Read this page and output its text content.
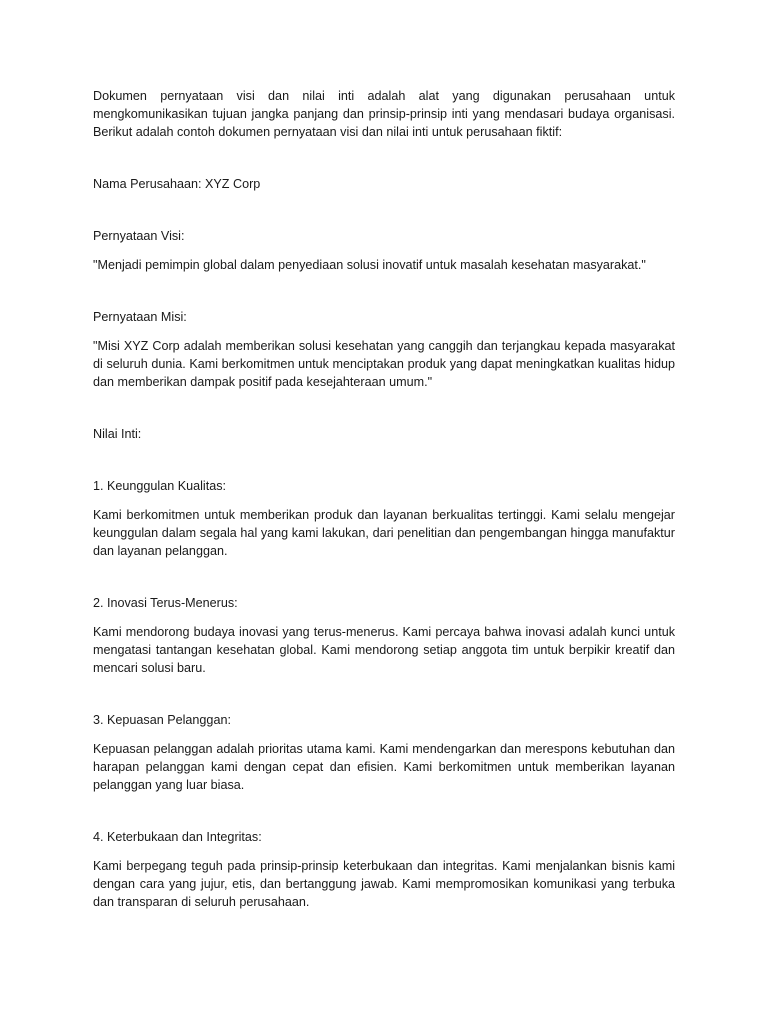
Dokumen pernyataan visi dan nilai inti adalah alat yang digunakan perusahaan untuk mengkomunikasikan tujuan jangka panjang dan prinsip-prinsip inti yang mendasari budaya organisasi. Berikut adalah contoh dokumen pernyataan visi dan nilai inti untuk perusahaan fiktif:

Nama Perusahaan: XYZ Corp

Pernyataan Visi:

"Menjadi pemimpin global dalam penyediaan solusi inovatif untuk masalah kesehatan masyarakat."

Pernyataan Misi:

"Misi XYZ Corp adalah memberikan solusi kesehatan yang canggih dan terjangkau kepada masyarakat di seluruh dunia. Kami berkomitmen untuk menciptakan produk yang dapat meningkatkan kualitas hidup dan memberikan dampak positif pada kesejahteraan umum."

Nilai Inti:

1. Keunggulan Kualitas:

Kami berkomitmen untuk memberikan produk dan layanan berkualitas tertinggi. Kami selalu mengejar keunggulan dalam segala hal yang kami lakukan, dari penelitian dan pengembangan hingga manufaktur dan layanan pelanggan.

2. Inovasi Terus-Menerus:

Kami mendorong budaya inovasi yang terus-menerus. Kami percaya bahwa inovasi adalah kunci untuk mengatasi tantangan kesehatan global. Kami mendorong setiap anggota tim untuk berpikir kreatif dan mencari solusi baru.

3. Kepuasan Pelanggan:

Kepuasan pelanggan adalah prioritas utama kami. Kami mendengarkan dan merespons kebutuhan dan harapan pelanggan kami dengan cepat dan efisien. Kami berkomitmen untuk memberikan layanan pelanggan yang luar biasa.

4. Keterbukaan dan Integritas:

Kami berpegang teguh pada prinsip-prinsip keterbukaan dan integritas. Kami menjalankan bisnis kami dengan cara yang jujur, etis, dan bertanggung jawab. Kami mempromosikan komunikasi yang terbuka dan transparan di seluruh perusahaan.
